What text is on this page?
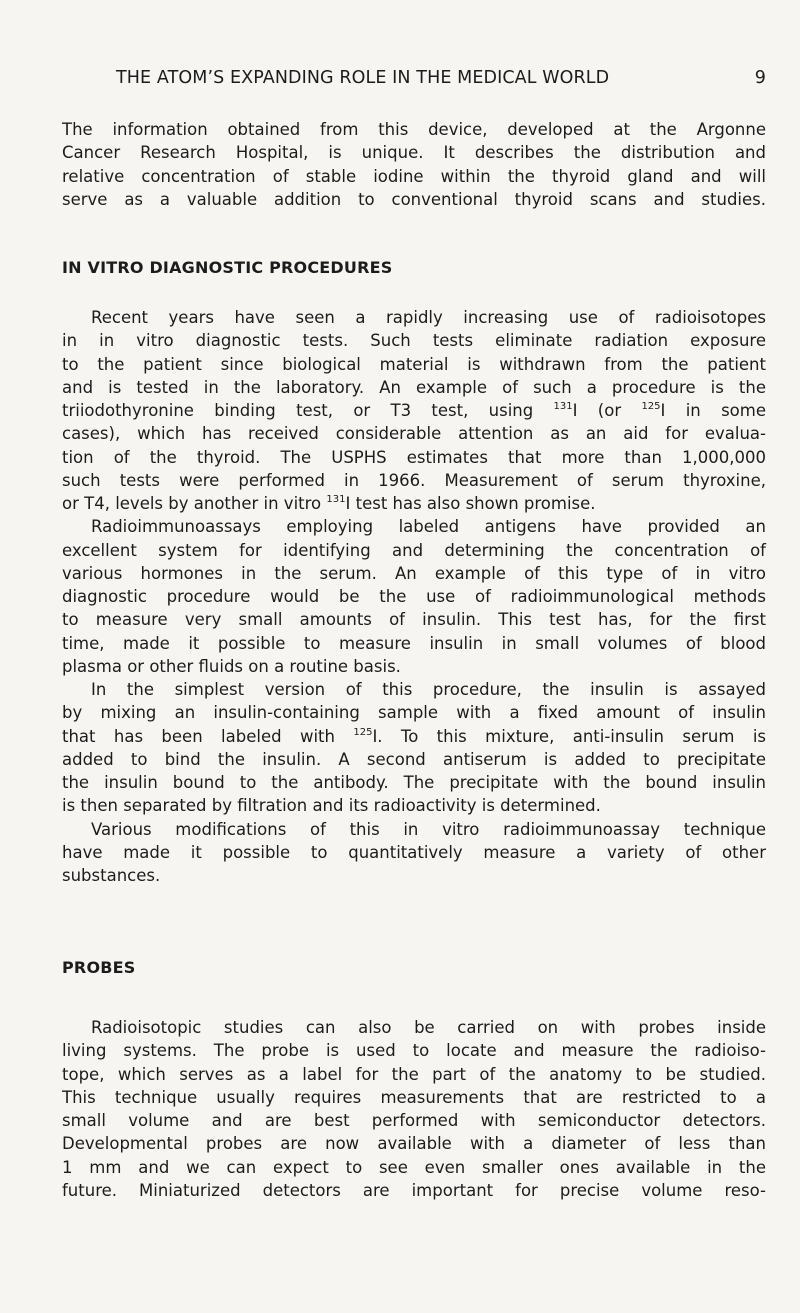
THE ATOM’S EXPANDING ROLE IN THE MEDICAL WORLD	9
The information obtained from this device, developed at the Argonne
Cancer Research Hospital, is unique. It describes the distribution and
relative concentration of stable iodine within the thyroid gland and will
serve as a valuable addition to conventional thyroid scans and studies.
IN VITRO DIAGNOSTIC PROCEDURES
Recent years have seen a rapidly increasing use of radioisotopes
in in vitro diagnostic tests. Such tests eliminate radiation exposure
to the patient since biological material is withdrawn from the patient
and is tested in the laboratory. An example of such a procedure is the
triiodothyronine binding test, or T3 test, using $^{131}$I (or $^{125}$I in some
cases), which has received considerable attention as an aid for evalua-
tion of the thyroid. The USPHS estimates that more than 1,000,000
such tests were performed in 1966. Measurement of serum thyroxine,
or T4, levels by another in vitro $^{131}$I test has also shown promise.
Radioimmunoassays employing labeled antigens have provided an
excellent system for identifying and determining the concentration of
various hormones in the serum. An example of this type of in vitro
diagnostic procedure would be the use of radioimmunological methods
to measure very small amounts of insulin. This test has, for the first
time, made it possible to measure insulin in small volumes of blood
plasma or other fluids on a routine basis.
In the simplest version of this procedure, the insulin is assayed
by mixing an insulin-containing sample with a fixed amount of insulin
that has been labeled with $^{125}$I. To this mixture, anti-insulin serum is
added to bind the insulin. A second antiserum is added to precipitate
the insulin bound to the antibody. The precipitate with the bound insulin
is then separated by filtration and its radioactivity is determined.
Various modifications of this in vitro radioimmunoassay technique
have made it possible to quantitatively measure a variety of other
substances.
PROBES
Radioisotopic studies can also be carried on with probes inside
living systems. The probe is used to locate and measure the radioiso-
tope, which serves as a label for the part of the anatomy to be studied.
This technique usually requires measurements that are restricted to a
small volume and are best performed with semiconductor detectors.
Developmental probes are now available with a diameter of less than
1 mm and we can expect to see even smaller ones available in the
future. Miniaturized detectors are important for precise volume reso-
